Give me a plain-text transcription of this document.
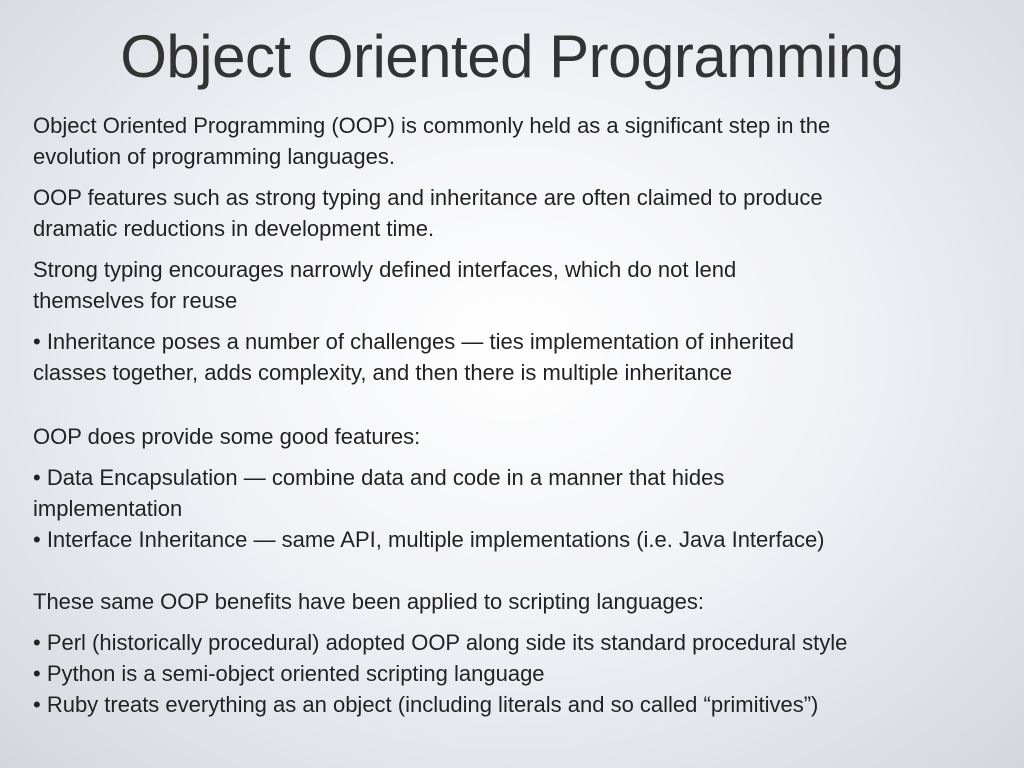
Object Oriented Programming

Object Oriented Programming (OOP) is commonly held as a significant step in the
evolution of programming languages.

OOP features such as strong typing and inheritance are often claimed to produce
dramatic reductions in development time.

Strong typing encourages narrowly defined interfaces, which do not lend
themselves for reuse

• Inheritance poses a number of challenges — ties implementation of inherited
classes together, adds complexity, and then there is multiple inheritance

OOP does provide some good features:

• Data Encapsulation — combine data and code in a manner that hides
implementation
• Interface Inheritance — same API, multiple implementations (i.e. Java Interface)

These same OOP benefits have been applied to scripting languages:

• Perl (historically procedural) adopted OOP along side its standard procedural style
• Python is a semi-object oriented scripting language
• Ruby treats everything as an object (including literals and so called “primitives”)
